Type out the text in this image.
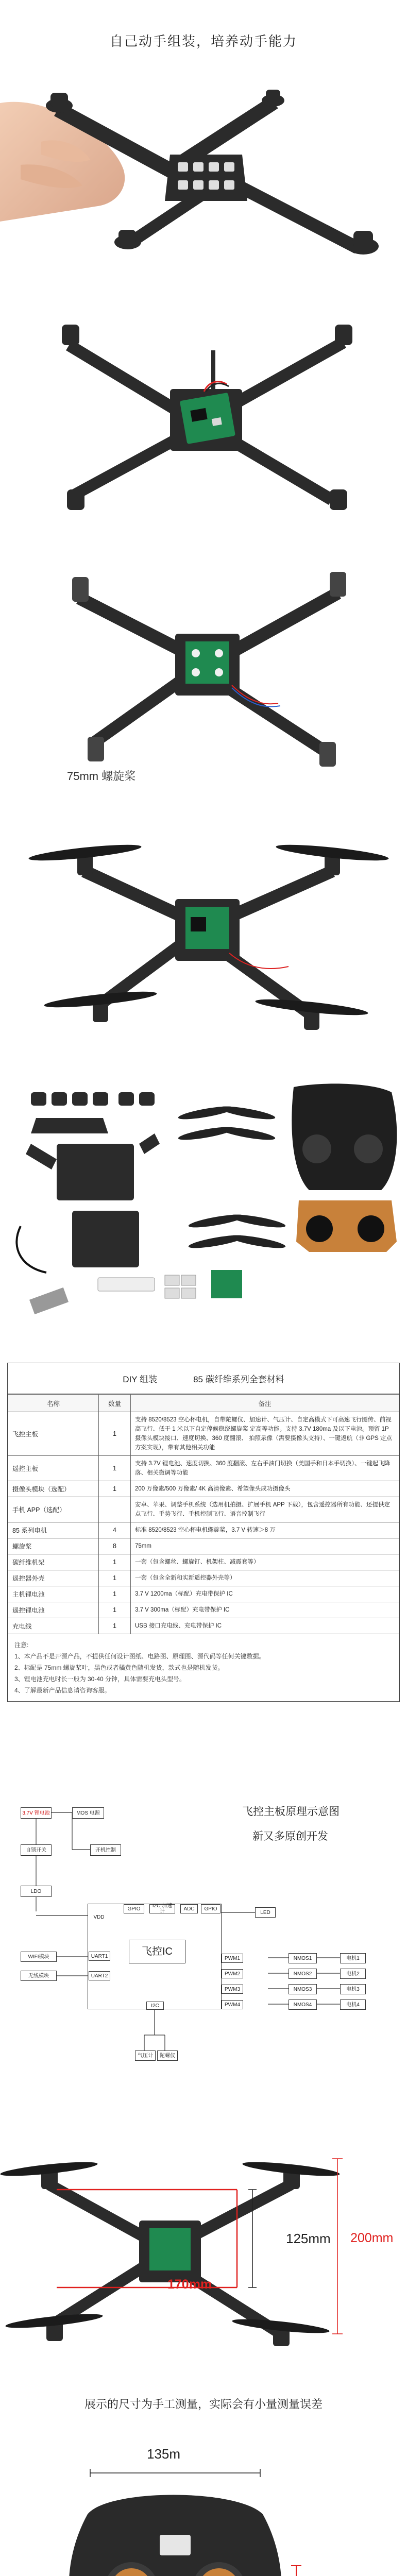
自己动手组装，培养动手能力
75mm 螺旋桨
DIY 组装	85 碳纤维系列全套材料
名称	数量	备注
飞控主板	1	支持 8520/8523 空心杯电机，自带陀螺仪、加速计、气压计、自定高模式下可高速飞行图传、前视高飞行、低于 1 米以下自定停候稳绕螺旋桨 定高等功能。支持 3.7V 180ma 及以下电池。预留 1P 摄像头模块接口、速度切换、360 度翻滚、 拍照录像（需要摄像头支持）、一键返航（非 GPS 定点方案实现），带有其他相关功能
遥控主板	1	支持 3.7V 锂电池、速度切换、360 度翻滚、左右手油门切换（美国手和日本手切换）、一键起飞降落、相关微调等功能
摄像头模块（选配）	1	200 万像素/500 万像素/ 4K 高清像素、希望像头成功摄像头
手机 APP（选配）		安卓、苹果、调整手机系统（选用机拍摄、扩展手机 APP 下载），包含遥控器所有功能、还提供定点飞行、手势飞行、手机控制飞行、语音控制飞行
85 系列电机	4	标准 8520/8523 空心杯电机螺旋桨，3.7 V 转速＞8 万
螺旋桨	8	75mm
碳纤维机架	1	一套（包含螺丝、螺旋钉、机架柱、减震套等）
遥控器外壳	1	一套（包含全新和实新遥控器外壳等）
主机锂电池	1	3.7 V 1200ma（标配）充电带保护 IC
遥控锂电池	1	3.7 V 300ma（标配）充电带保护 IC
充电线	1	USB 接口充电线、充电带保护 IC

注意:
1、本产品不是开源产品，不提供任何设计图纸、电路图、原理图、源代码等任何关键数据。
2、标配是 75mm 螺旋桨叶，黑色或者橘黄色随机发货，款式也是随机发货。
3、锂电池充电时长一般为 30-40 分钟，具体需要充电头型号。
4、了解最新产品信息请咨询客服。		
飞控主板原理示意图
新又多原创开发
3.7V 锂电池	MOS 电源
自锁开关	开机控制
LDO
VDD
GPIO	I2C 加速计	ADC	GPIO
飞控IC
LED
PWM1
PWM2
PWM3
PWM4
NMOS1
NMOS2
NMOS3
NMOS4
电机1
电机2
电机3
电机4
UART1
UART2
WIFI模块
无线模块
I2C
气压计	陀螺仪
170mm
125mm 200mm
展示的尺寸为手工测量，实际会有小量测量误差
135m
